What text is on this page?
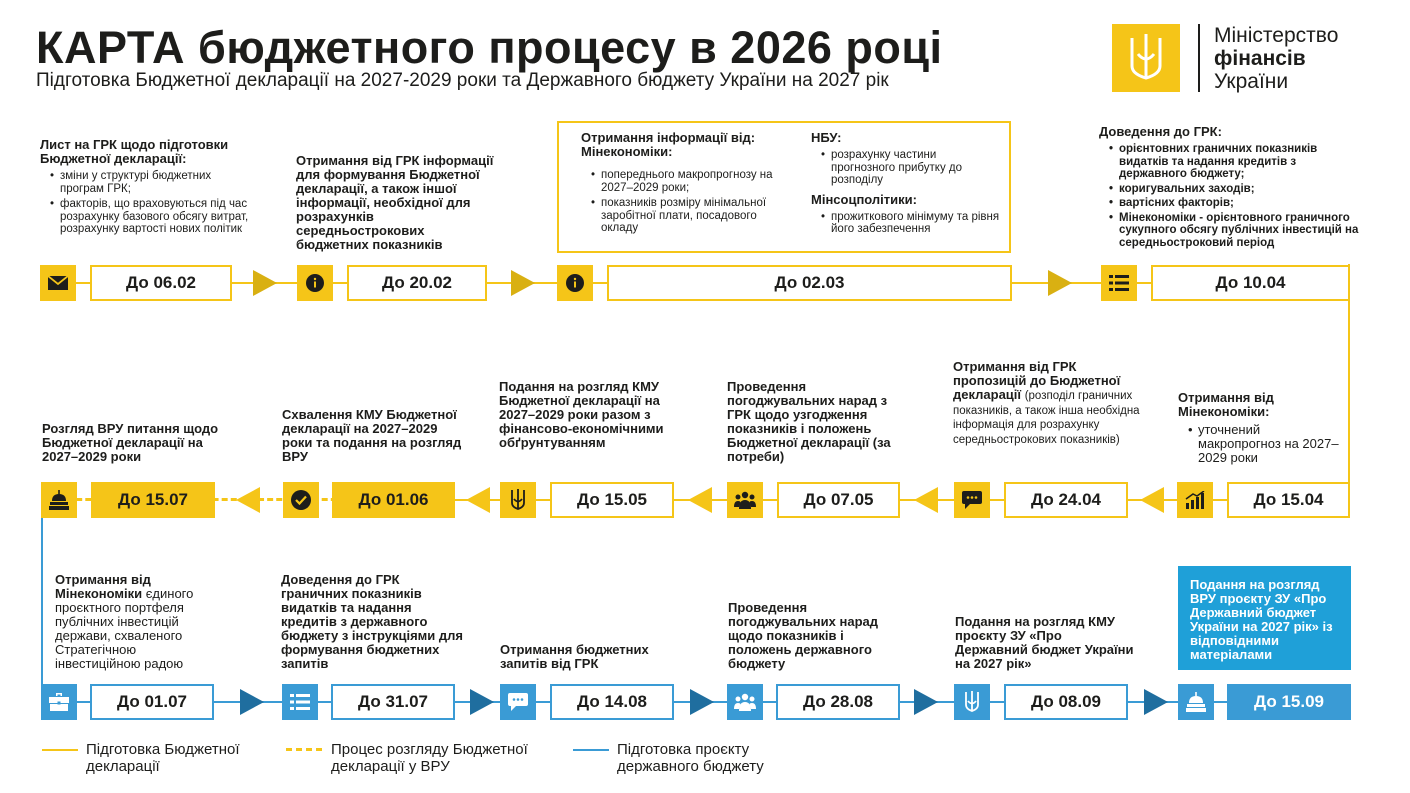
КАРТА бюджетного процесу в 2026 році
Підготовка Бюджетної декларації на 2027-2029 роки та Державного бюджету України на 2027 рік
Міністерство
фінансів
України
Лист на ГРК щодо підготовки Бюджетної декларації:
• зміни у структурі бюджетних програм ГРК;
• факторів, що враховуються під час розрахунку базового обсягу витрат, розрахунку вартості нових політик
До 06.02
Отримання від ГРК інформації для формування Бюджетної декларації, а також іншої інформації, необхідної для розрахунків середньострокових бюджетних показників
До 20.02
Отримання інформації від:
Мінекономіки:
• попереднього макропрогнозу на 2027–2029 роки;
• показників розміру мінімальної заробітної плати, посадового окладу
НБУ:
• розрахунку частини прогнозного прибутку до розподілу
Мінсоцполітики:
• прожиткового мінімуму та рівня його забезпечення
До 02.03
Доведення до ГРК:
• орієнтовних граничних показників видатків та надання кредитів з державного бюджету;
• коригувальних заходів;
• вартісних факторів;
• Мінекономіки - орієнтовного граничного сукупного обсягу публічних інвестицій на середньостроковий період
До 10.04
Отримання від Мінекономіки:
• уточнений макропрогноз на 2027–2029 роки
До 15.04
Отримання від ГРК пропозицій до Бюджетної декларації (розподіл граничних показників, а також інша необхідна інформація для розрахунку середньострокових показників)
До 24.04
Проведення погоджувальних нарад з ГРК щодо узгодження показників і положень Бюджетної декларації (за потреби)
До 07.05
Подання на розгляд КМУ Бюджетної декларації на 2027–2029 роки разом з фінансово-економічними обґрунтуванням
До 15.05
Схвалення КМУ Бюджетної декларації на 2027–2029 роки та подання на розгляд ВРУ
До 01.06
Розгляд ВРУ питання щодо Бюджетної декларації на 2027–2029 роки
До 15.07
Отримання від Мінекономіки єдиного проєктного портфеля публічних інвестицій держави, схваленого Стратегічною інвестиційною радою
До 01.07
Доведення до ГРК граничних показників видатків та надання кредитів з державного бюджету з інструкціями для формування бюджетних запитів
До 31.07
Отримання бюджетних запитів від ГРК
До 14.08
Проведення погоджувальних нарад щодо показників і положень державного бюджету
До 28.08
Подання на розгляд КМУ проєкту ЗУ «Про Державний бюджет України на 2027 рік»
До 08.09
Подання на розгляд ВРУ проєкту ЗУ «Про Державний бюджет України на 2027 рік» із відповідними матеріалами
До 15.09
Підготовка Бюджетної декларації
Процес розгляду Бюджетної декларації у ВРУ
Підготовка проєкту державного бюджету
